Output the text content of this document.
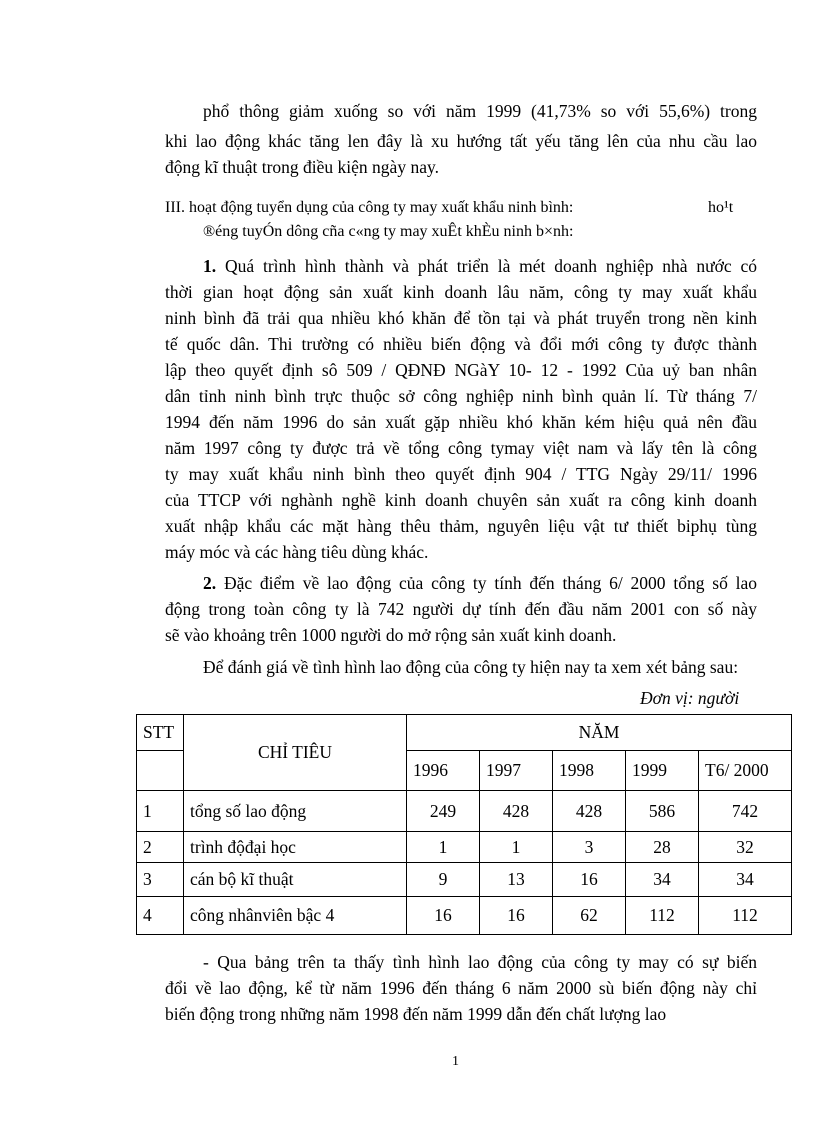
phổ thông giảm xuống so với năm 1999 (41,73% so với 55,6%) trong
khi lao động khác tăng len đây là xu hướng tất yếu tăng lên của nhu cầu lao
động kĩ thuật trong điều kiện ngày nay.
III. hoạt động tuyển dụng của công ty may xuất khẩu ninh bình:	ho¹t
®éng tuyÓn dông cña c«ng ty may xuÊt khÈu ninh b×nh:
1. Quá trình hình thành và phát triển là mét doanh nghiệp nhà nước có
thời gian hoạt động sản xuất kinh doanh lâu năm, công ty may xuất khẩu
ninh bình đã trải qua nhiều khó khăn để tồn tại và phát truyển trong nền kinh
tế quốc dân. Thi trường có nhiều biến động và đổi mới công ty được thành
lập theo quyết định sô 509 / QĐNĐ NGàY 10- 12 - 1992 Của uỷ ban nhân
dân tỉnh ninh bình trực thuộc sở công nghiệp ninh bình quản lí. Từ tháng 7/
1994 đến năm 1996 do sản xuất gặp nhiều khó khăn kém hiệu quả nên đầu
năm 1997 công ty được trả về tổng công tymay việt nam và lấy tên là công
ty may xuất khẩu ninh bình theo quyết định 904 / TTG Ngày 29/11/ 1996
của TTCP với nghành nghề kinh doanh chuyên sản xuất ra công kinh doanh
xuất nhập khẩu các mặt hàng thêu thảm, nguyên liệu vật tư thiết biphụ tùng
máy móc và các hàng tiêu dùng khác.
2. Đặc điểm về lao động của công ty tính đến tháng 6/ 2000 tổng số lao
động trong toàn công ty là 742 người dự tính đến đầu năm 2001 con số này
sẽ vào khoảng trên 1000 người do mở rộng sản xuất kinh doanh.
Để đánh giá về tình hình lao động của công ty hiện nay ta xem xét bảng sau:
Đơn vị: người
STT	CHỈ TIÊU	NĂM				
		1996	1997	1998	1999	T6/ 2000
1	tổng số lao động	249	428	428	586	742
2	trình độđại học	1	1	3	28	32
3	cán bộ kĩ thuật	9	13	16	34	34
4	công nhânviên bậc 4	16	16	62	112	112
- Qua bảng trên ta thấy tình hình lao động của công ty may có sự biến
đổi về lao động, kể từ năm 1996 đến tháng 6 năm 2000 sù biến động này chỉ
biến động trong những năm 1998 đến năm 1999 dẫn đến chất lượng lao
1
